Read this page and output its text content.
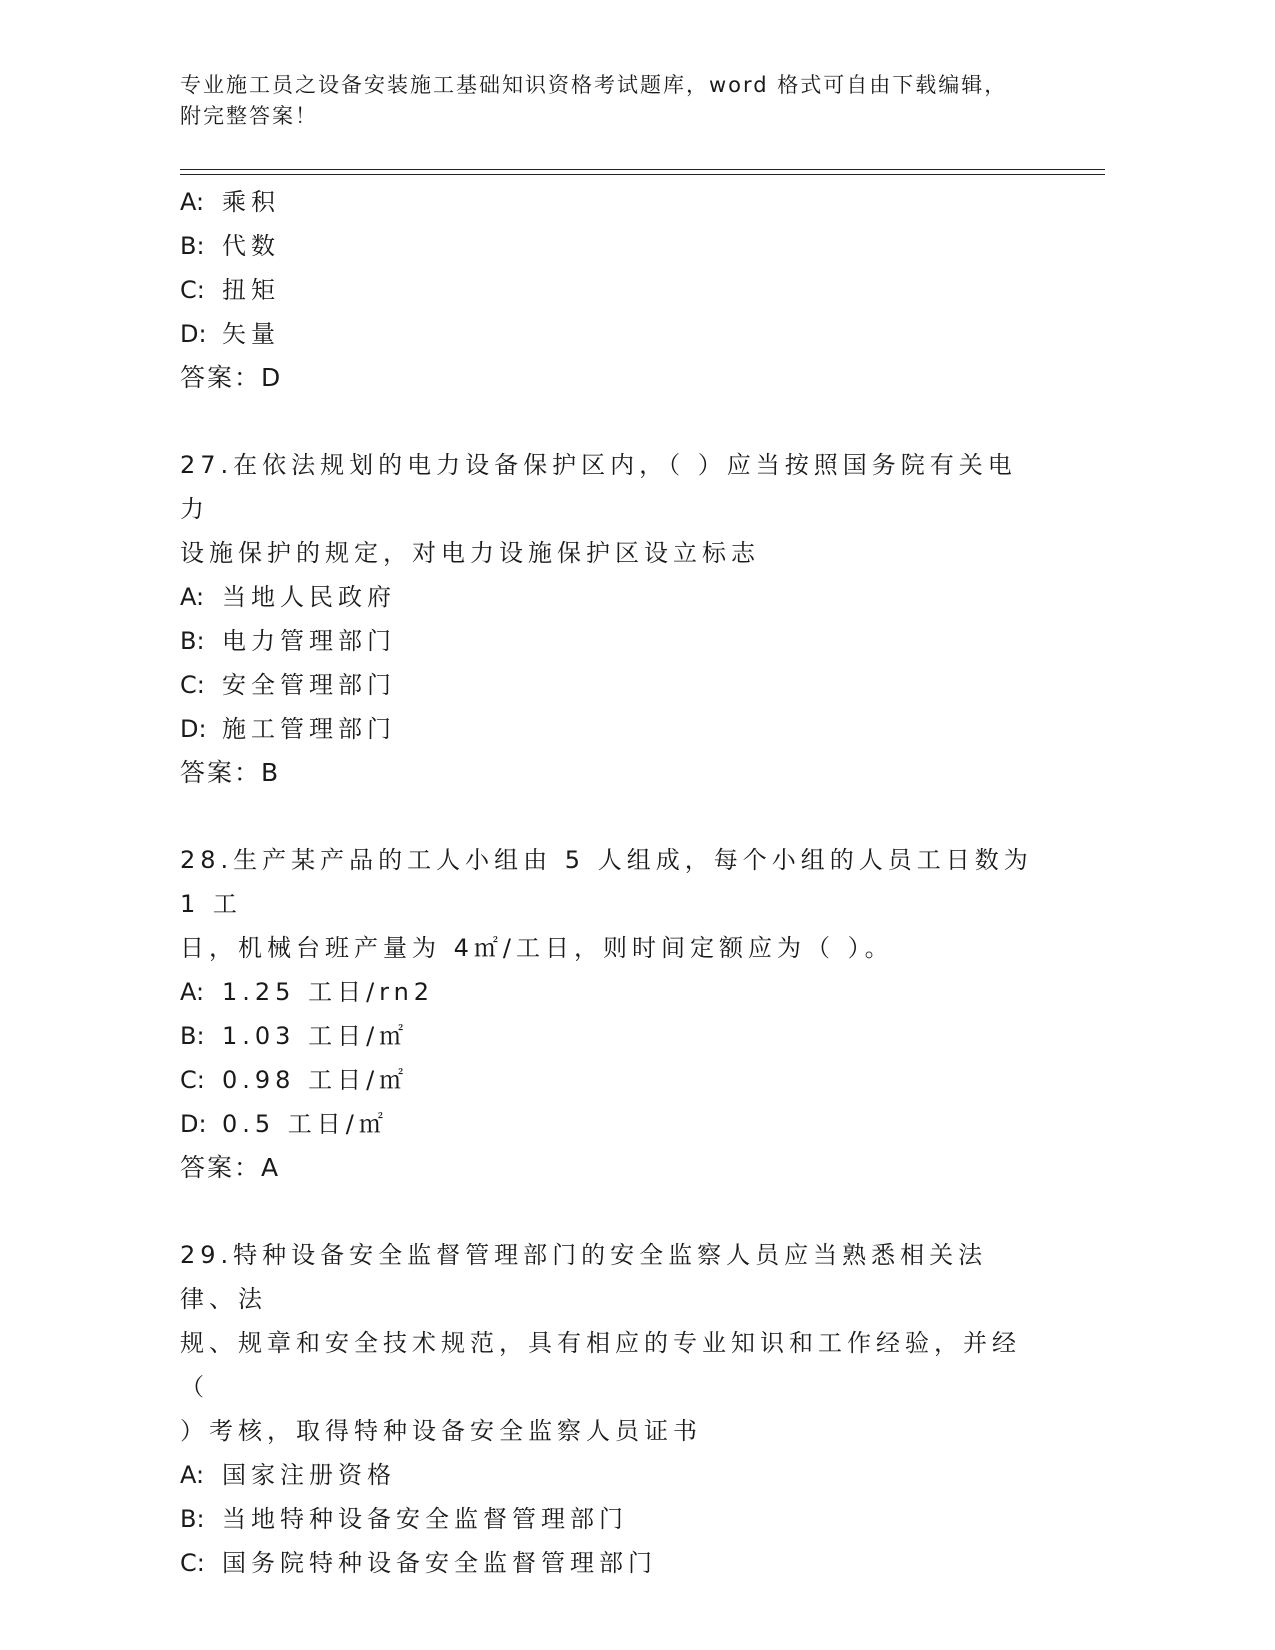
专业施工员之设备安装施工基础知识资格考试题库，word 格式可自由下载编辑，
附完整答案！
A: 乘积
B: 代数
C: 扭矩
D: 矢量
答案：D
27.在依法规划的电力设备保护区内，（ ）应当按照国务院有关电力
设施保护的规定，对电力设施保护区设立标志
A: 当地人民政府
B: 电力管理部门
C: 安全管理部门
D: 施工管理部门
答案：B
28.生产某产品的工人小组由 5 人组成，每个小组的人员工日数为 1 工
日，机械台班产量为 4㎡/工日，则时间定额应为（ ）。
A: 1.25 工日/rn2
B: 1.03 工日/㎡
C: 0.98 工日/㎡
D: 0.5 工日/㎡
答案：A
29.特种设备安全监督管理部门的安全监察人员应当熟悉相关法律、法
规、规章和安全技术规范，具有相应的专业知识和工作经验，并经（
）考核，取得特种设备安全监察人员证书
A: 国家注册资格
B: 当地特种设备安全监督管理部门
C: 国务院特种设备安全监督管理部门
